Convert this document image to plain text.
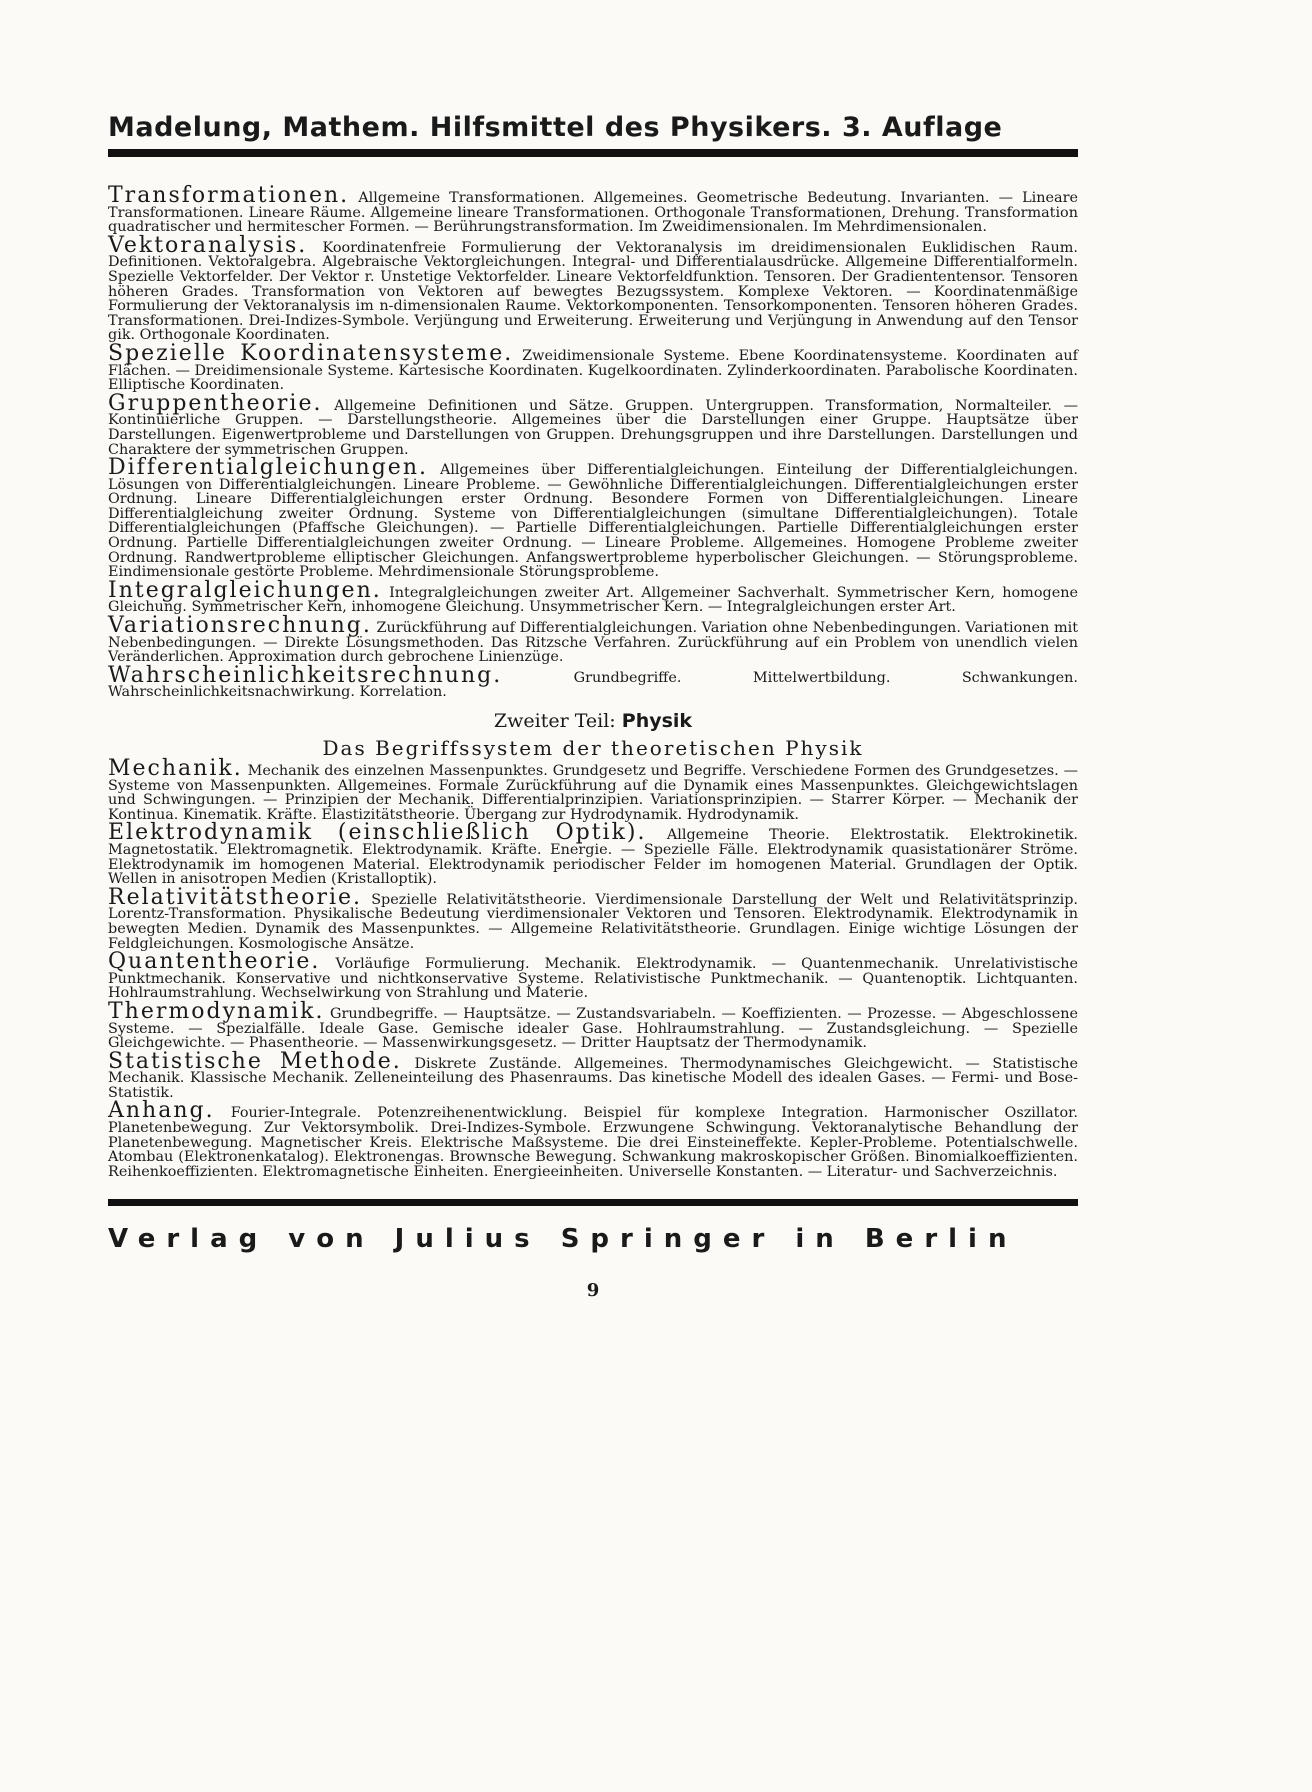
Madelung, Mathem. Hilfsmittel des Physikers. 3. Auflage

Transformationen. Allgemeine Transformationen. Allgemeines. Geometrische Bedeutung. Invarianten. — Lineare Transformationen. Lineare Räume. Allgemeine lineare Transformationen. Orthogonale Transformationen, Drehung. Transformation quadratischer und hermitescher Formen. — Berührungstransformation. Im Zweidimensionalen. Im Mehrdimensionalen.

Vektoranalysis. Koordinatenfreie Formulierung der Vektoranalysis im dreidimensionalen Euklidischen Raum. Definitionen. Vektoralgebra. Algebraische Vektorgleichungen. Integral- und Differentialausdrücke. Allgemeine Differentialformeln. Spezielle Vektorfelder. Der Vektor r. Unstetige Vektorfelder. Lineare Vektorfeldfunktion. Tensoren. Der Gradiententensor. Tensoren höheren Grades. Transformation von Vektoren auf bewegtes Bezugssystem. Komplexe Vektoren. — Koordinatenmäßige Formulierung der Vektoranalysis im n-dimensionalen Raume. Vektorkomponenten. Tensorkomponenten. Tensoren höheren Grades. Transformationen. Drei-Indizes-Symbole. Verjüngung und Erweiterung. Erweiterung und Verjüngung in Anwendung auf den Tensor gik. Orthogonale Koordinaten.

Spezielle Koordinatensysteme. Zweidimensionale Systeme. Ebene Koordinatensysteme. Koordinaten auf Flächen. — Dreidimensionale Systeme. Kartesische Koordinaten. Kugelkoordinaten. Zylinderkoordinaten. Parabolische Koordinaten. Elliptische Koordinaten.

Gruppentheorie. Allgemeine Definitionen und Sätze. Gruppen. Untergruppen. Transformation, Normalteiler. — Kontinuierliche Gruppen. — Darstellungstheorie. Allgemeines über die Darstellungen einer Gruppe. Hauptsätze über Darstellungen. Eigenwertprobleme und Darstellungen von Gruppen. Drehungsgruppen und ihre Darstellungen. Darstellungen und Charaktere der symmetrischen Gruppen.

Differentialgleichungen. Allgemeines über Differentialgleichungen. Einteilung der Differentialgleichungen. Lösungen von Differentialgleichungen. Lineare Probleme. — Gewöhnliche Differentialgleichungen. Differentialgleichungen erster Ordnung. Lineare Differentialgleichungen erster Ordnung. Besondere Formen von Differentialgleichungen. Lineare Differentialgleichung zweiter Ordnung. Systeme von Differentialgleichungen (simultane Differentialgleichungen). Totale Differentialgleichungen (Pfaffsche Gleichungen). — Partielle Differentialgleichungen. Partielle Differentialgleichungen erster Ordnung. Partielle Differentialgleichungen zweiter Ordnung. — Lineare Probleme. Allgemeines. Homogene Probleme zweiter Ordnung. Randwertprobleme elliptischer Gleichungen. Anfangswertprobleme hyperbolischer Gleichungen. — Störungsprobleme. Eindimensionale gestörte Probleme. Mehrdimensionale Störungsprobleme.

Integralgleichungen. Integralgleichungen zweiter Art. Allgemeiner Sachverhalt. Symmetrischer Kern, homogene Gleichung. Symmetrischer Kern, inhomogene Gleichung. Unsymmetrischer Kern. — Integralgleichungen erster Art.

Variationsrechnung. Zurückführung auf Differentialgleichungen. Variation ohne Nebenbedingungen. Variationen mit Nebenbedingungen. — Direkte Lösungsmethoden. Das Ritzsche Verfahren. Zurückführung auf ein Problem von unendlich vielen Veränderlichen. Approximation durch gebrochene Linienzüge.

Wahrscheinlichkeitsrechnung.	Grundbegriffe. Mittelwertbildung. Schwankungen. Wahrscheinlichkeitsnachwirkung. Korrelation.

Zweiter Teil: Physik
Das Begriffssystem der theoretischen Physik

Mechanik. Mechanik des einzelnen Massenpunktes. Grundgesetz und Begriffe. Verschiedene Formen des Grundgesetzes. — Systeme von Massenpunkten. Allgemeines. Formale Zurückführung auf die Dynamik eines Massenpunktes. Gleichgewichtslagen und Schwingungen. — Prinzipien der Mechanik. Differentialprinzipien. Variationsprinzipien. — Starrer Körper. — Mechanik der Kontinua. Kinematik. Kräfte. Elastizitätstheorie. Übergang zur Hydrodynamik. Hydrodynamik.

Elektrodynamik (einschließlich Optik). Allgemeine Theorie. Elektrostatik. Elektrokinetik. Magnetostatik. Elektromagnetik. Elektrodynamik. Kräfte. Energie. — Spezielle Fälle. Elektrodynamik quasistationärer Ströme. Elektrodynamik im homogenen Material. Elektrodynamik periodischer Felder im homogenen Material. Grundlagen der Optik. Wellen in anisotropen Medien (Kristalloptik).

Relativitätstheorie. Spezielle Relativitätstheorie. Vierdimensionale Darstellung der Welt und Relativitätsprinzip. Lorentz-Transformation. Physikalische Bedeutung vierdimensionaler Vektoren und Tensoren. Elektrodynamik. Elektrodynamik in bewegten Medien. Dynamik des Massenpunktes. — Allgemeine Relativitätstheorie. Grundlagen. Einige wichtige Lösungen der Feldgleichungen. Kosmologische Ansätze.

Quantentheorie. Vorläufige Formulierung. Mechanik. Elektrodynamik. — Quantenmechanik. Unrelativistische Punktmechanik. Konservative und nichtkonservative Systeme. Relativistische Punktmechanik. — Quantenoptik. Lichtquanten. Hohlraumstrahlung. Wechselwirkung von Strahlung und Materie.

Thermodynamik. Grundbegriffe. — Hauptsätze. — Zustandsvariabeln. — Koeffizienten. — Prozesse. — Abgeschlossene Systeme. — Spezialfälle. Ideale Gase. Gemische idealer Gase. Hohlraumstrahlung. — Zustandsgleichung. — Spezielle Gleichgewichte. — Phasentheorie. — Massenwirkungsgesetz. — Dritter Hauptsatz der Thermodynamik.

Statistische Methode. Diskrete Zustände. Allgemeines. Thermodynamisches Gleichgewicht. — Statistische Mechanik. Klassische Mechanik. Zelleneinteilung des Phasenraums. Das kinetische Modell des idealen Gases. — Fermi- und Bose-Statistik.

Anhang. Fourier-Integrale. Potenzreihenentwicklung. Beispiel für komplexe Integration. Harmonischer Oszillator. Planetenbewegung. Zur Vektorsymbolik. Drei-Indizes-Symbole. Erzwungene Schwingung. Vektoranalytische Behandlung der Planetenbewegung. Magnetischer Kreis. Elektrische Maßsysteme. Die drei Einsteineffekte. Kepler-Probleme. Potentialschwelle. Atombau (Elektronenkatalog). Elektronengas. Brownsche Bewegung. Schwankung makroskopischer Größen. Binomialkoeffizienten. Reihenkoeffizienten. Elektromagnetische Einheiten. Energieeinheiten. Universelle Konstanten. — Literatur- und Sachverzeichnis.

Verlag von Julius Springer in Berlin
9
